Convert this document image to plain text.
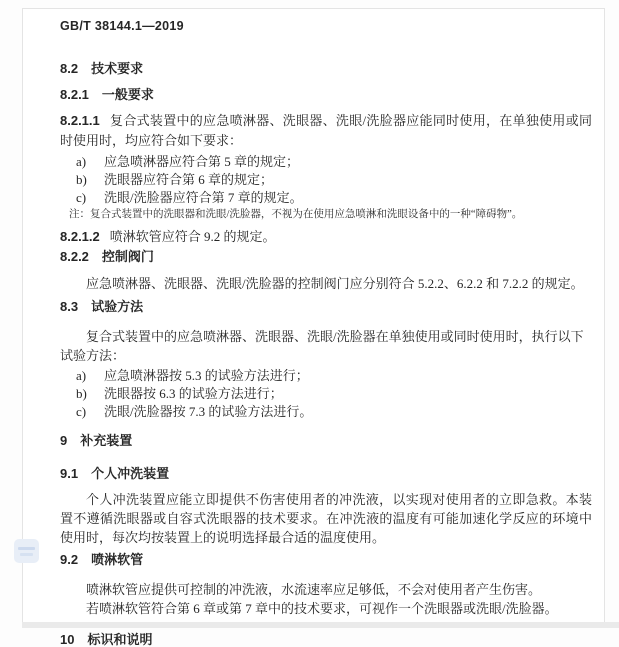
GB/T 38144.1—2019
8.2 技术要求
8.2.1 一般要求

8.2.1.1 复合式装置中的应急喷淋器、洗眼器、洗眼/洗脸器应能同时使用，在单独使用或同时使用时，均应符合如下要求：

a)	应急喷淋器应符合第 5 章的规定；
b)	洗眼器应符合第 6 章的规定；
c)	洗眼/洗脸器应符合第 7 章的规定。

注：复合式装置中的洗眼器和洗眼/洗脸器，不视为在使用应急喷淋和洗眼设备中的一种“障碍物”。

8.2.1.2 喷淋软管应符合 9.2 的规定。

8.2.2 控制阀门

应急喷淋器、洗眼器、洗眼/洗脸器的控制阀门应分别符合 5.2.2、6.2.2 和 7.2.2 的规定。

8.3 试验方法

复合式装置中的应急喷淋器、洗眼器、洗眼/洗脸器在单独使用或同时使用时，执行以下试验方法：

a)	应急喷淋器按 5.3 的试验方法进行；
b)	洗眼器按 6.3 的试验方法进行；
c)	洗眼/洗脸器按 7.3 的试验方法进行。
9 补充装置
9.1 个人冲洗装置

个人冲洗装置应能立即提供不伤害使用者的冲洗液，以实现对使用者的立即急救。本装置不遵循洗眼器或自容式洗眼器的技术要求。在冲洗液的温度有可能加速化学反应的环境中使用时，每次均按装置上的说明选择最合适的温度使用。

9.2 喷淋软管

喷淋软管应提供可控制的冲洗液，水流速率应足够低，不会对使用者产生伤害。

若喷淋软管符合第 6 章或第 7 章中的技术要求，可视作一个洗眼器或洗眼/洗脸器。

10 标识和说明
